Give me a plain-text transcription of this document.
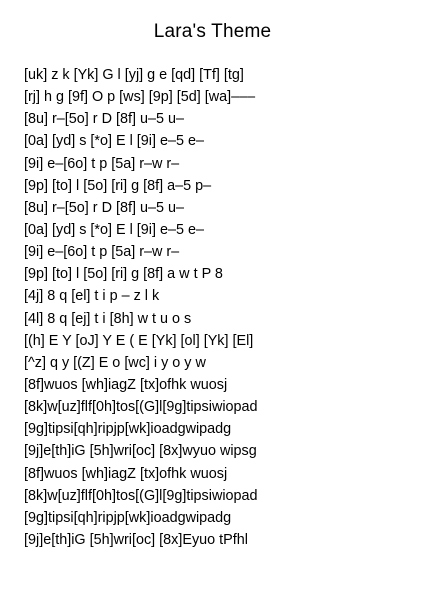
Lara's Theme
[uk] z k [Yk] G l [yj] g e [qd] [Tf] [tg]
[rj] h g [9f] O p [ws] [9p] [5d] [wa]–––
[8u] r–[5o] r D [8f] u–5 u–
[0a] [yd] s [*o] E l [9i] e–5 e–
[9i] e–[6o] t p [5a] r–w r–
[9p] [to] l [5o] [ri] g [8f] a–5 p–
[8u] r–[5o] r D [8f] u–5 u–
[0a] [yd] s [*o] E l [9i] e–5 e–
[9i] e–[6o] t p [5a] r–w r–
[9p] [to] l [5o] [ri] g [8f] a w t P 8
[4j] 8 q [el] t i p – z l k
[4l] 8 q [ej] t i [8h] w t u o s
[(h] E Y [oJ] Y E ( E [Yk] [ol] [Yk] [El]
[^z] q y [(Z] E o [wc] i y o y w
[8f]wuos [wh]iagZ [tx]ofhk wuosj
[8k]w[uz]flf[0h]tos[(G]l[9g]tipsiwiopad
[9g]tipsi[qh]ripjp[wk]ioadgwipadg
[9j]e[th]iG [5h]wri[oc] [8x]wyuo wipsg
[8f]wuos [wh]iagZ [tx]ofhk wuosj
[8k]w[uz]flf[0h]tos[(G]l[9g]tipsiwiopad
[9g]tipsi[qh]ripjp[wk]ioadgwipadg
[9j]e[th]iG [5h]wri[oc] [8x]Eyuo tPfhl
